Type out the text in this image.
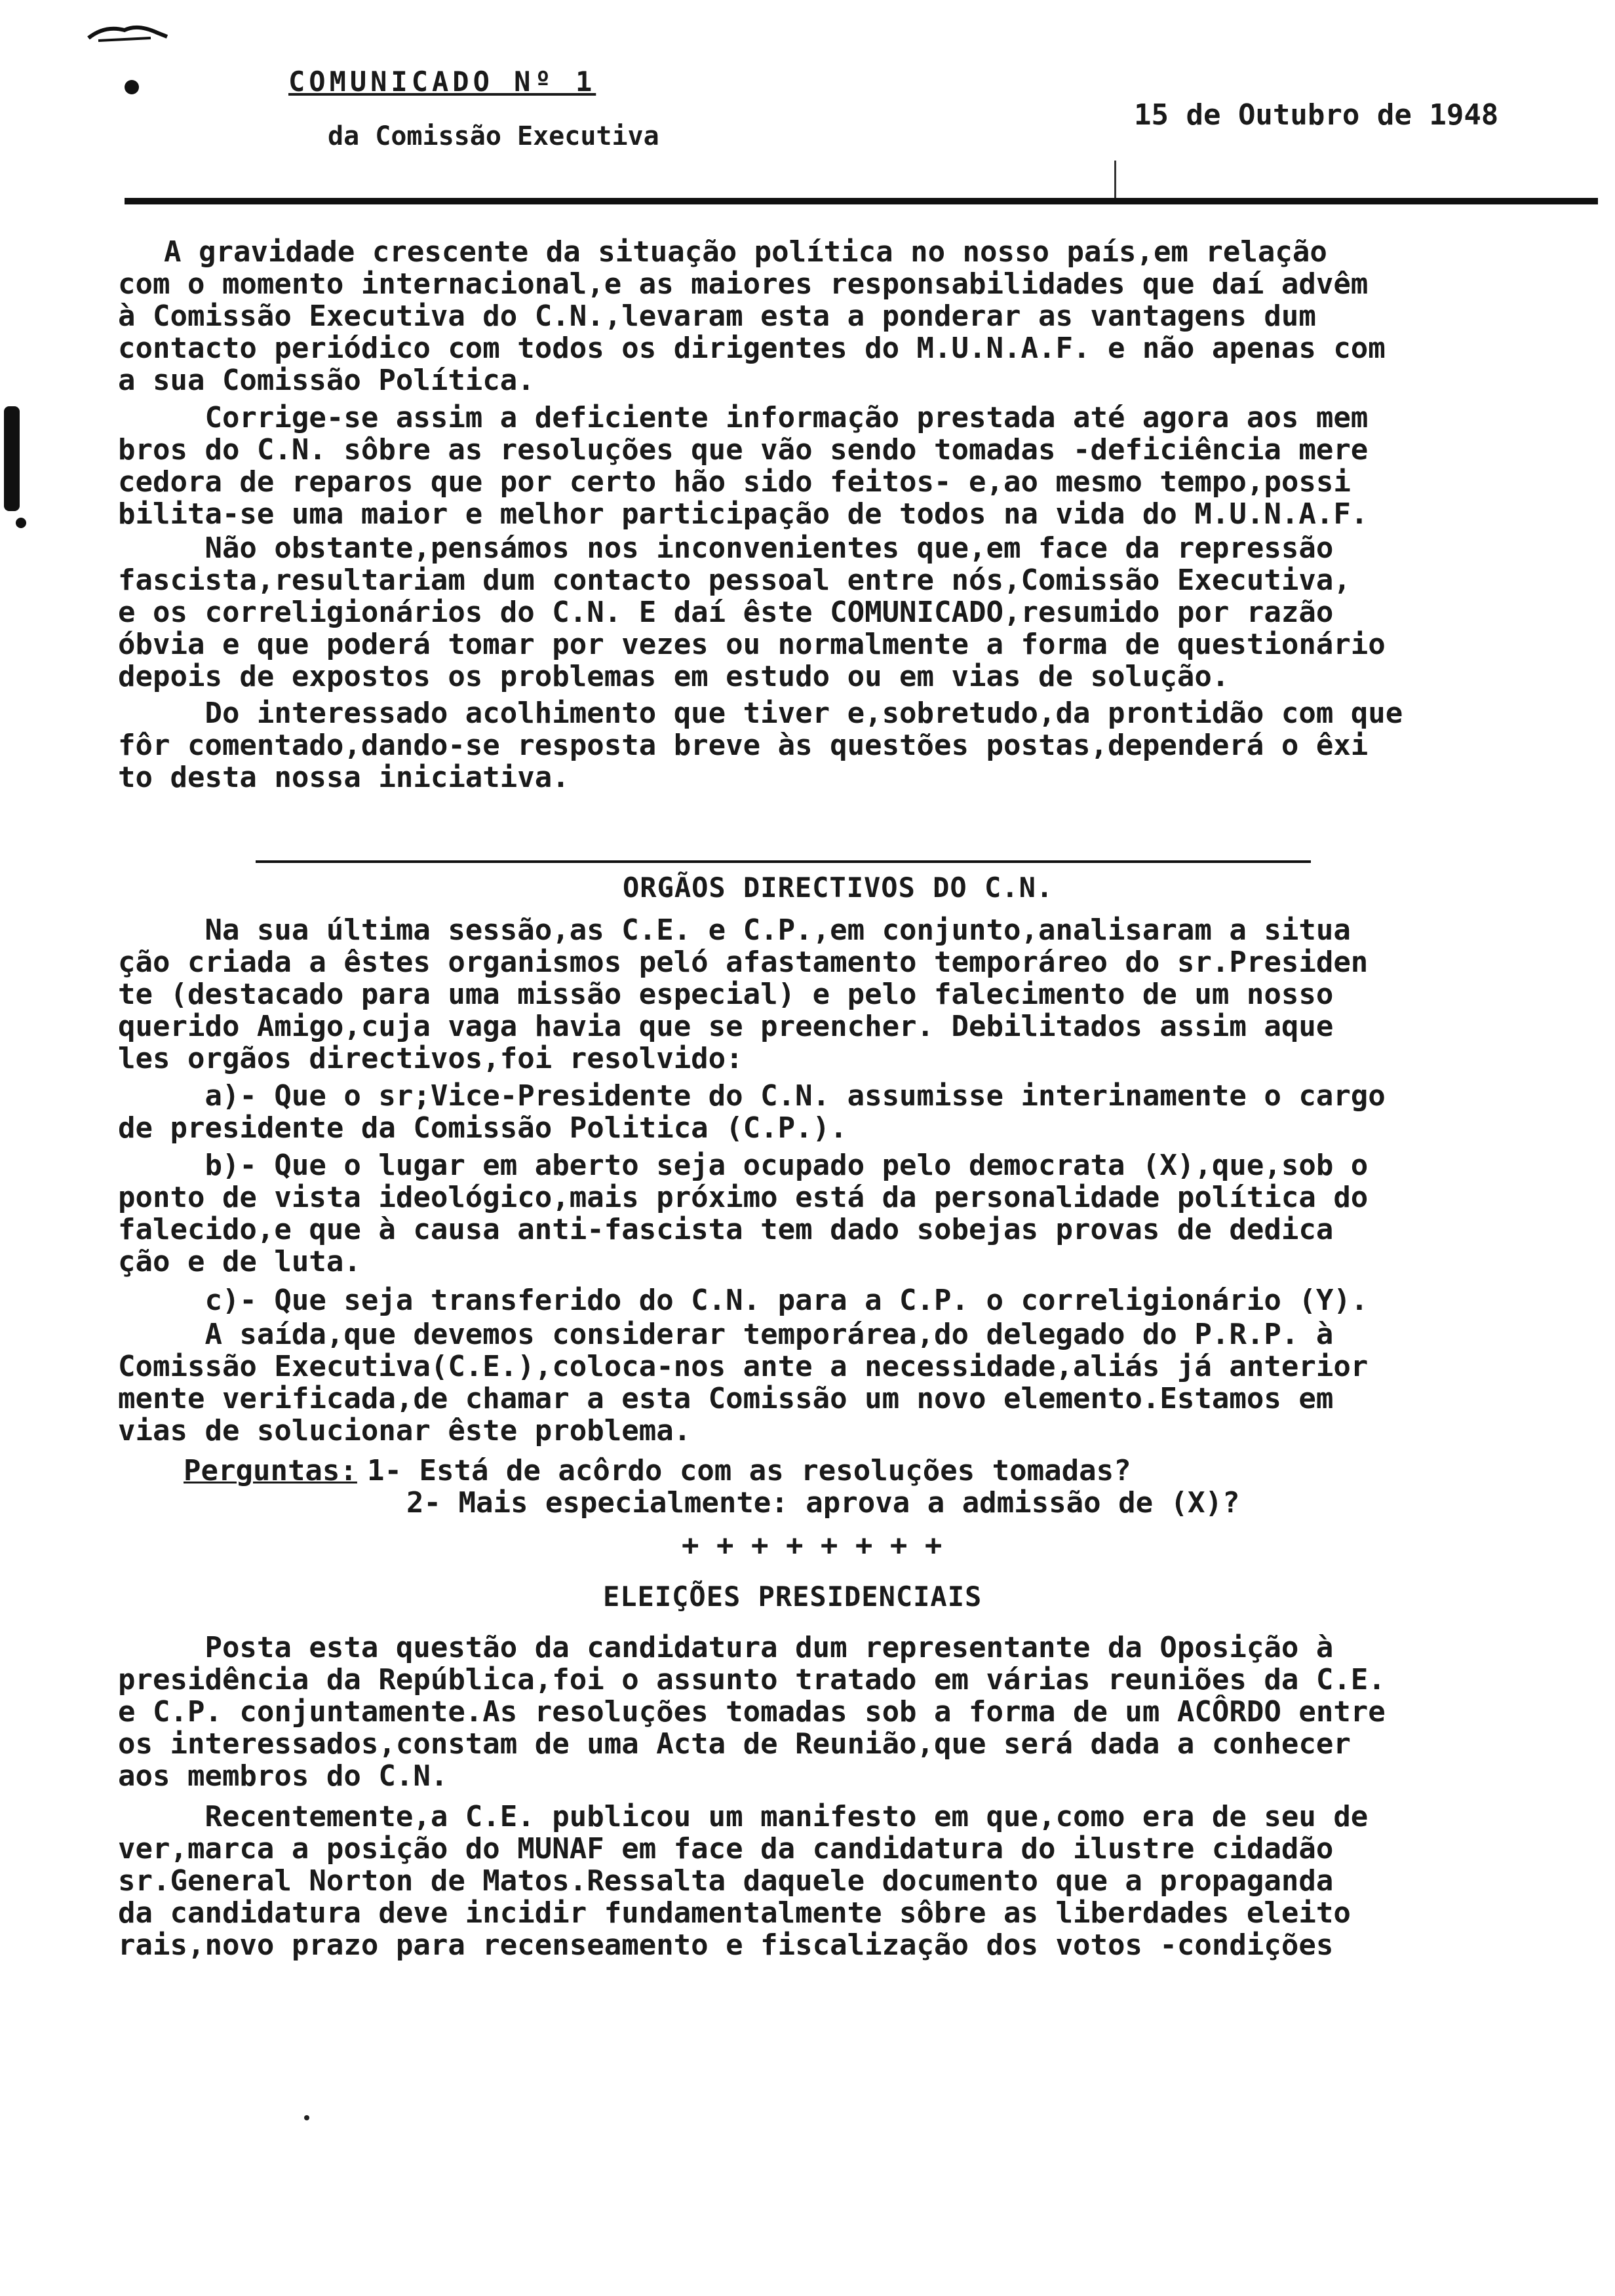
COMUNICADO Nº 1
da Comissão Executiva
15 de Outubro de 1948
A gravidade crescente da situação política no nosso país,em relação
com o momento internacional,e as maiores responsabilidades que daí advêm
à Comissão Executiva do C.N.,levaram esta a ponderar as vantagens dum
contacto periódico com todos os dirigentes do M.U.N.A.F. e não apenas com
a sua Comissão Política.
Corrige-se assim a deficiente informação prestada até agora aos mem
bros do C.N. sôbre as resoluções que vão sendo tomadas -deficiência mere
cedora de reparos que por certo hão sido feitos- e,ao mesmo tempo,possi
bilita-se uma maior e melhor participação de todos na vida do M.U.N.A.F.
Não obstante,pensámos nos inconvenientes que,em face da repressão
fascista,resultariam dum contacto pessoal entre nós,Comissão Executiva,
e os correligionários do C.N. E daí êste COMUNICADO,resumido por razão
óbvia e que poderá tomar por vezes ou normalmente a forma de questionário
depois de expostos os problemas em estudo ou em vias de solução.
Do interessado acolhimento que tiver e,sobretudo,da prontidão com que
fôr comentado,dando-se resposta breve às questões postas,dependerá o êxi
to desta nossa iniciativa.
ORGÃOS DIRECTIVOS DO C.N.
Na sua última sessão,as C.E. e C.P.,em conjunto,analisaram a situa
ção criada a êstes organismos peló afastamento temporáreo do sr.Presiden
te (destacado para uma missão especial) e pelo falecimento de um nosso
querido Amigo,cuja vaga havia que se preencher. Debilitados assim aque
les orgãos directivos,foi resolvido:
a)- Que o sr;Vice-Presidente do C.N. assumisse interinamente o cargo
de presidente da Comissão Politica (C.P.).
b)- Que o lugar em aberto seja ocupado pelo democrata (X),que,sob o
ponto de vista ideológico,mais próximo está da personalidade política do
falecido,e que à causa anti-fascista tem dado sobejas provas de dedica
ção e de luta.
c)- Que seja transferido do C.N. para a C.P. o correligionário (Y).
A saída,que devemos considerar temporárea,do delegado do P.R.P. à
Comissão Executiva(C.E.),coloca-nos ante a necessidade,aliás já anterior
mente verificada,de chamar a esta Comissão um novo elemento.Estamos em
vias de solucionar êste problema.
Perguntas: 1- Está de acôrdo com as resoluções tomadas?
2- Mais especialmente: aprova a admissão de (X)?
+ + + + + + + +
ELEIÇÕES PRESIDENCIAIS
Posta esta questão da candidatura dum representante da Oposição à
presidência da República,foi o assunto tratado em várias reuniões da C.E.
e C.P. conjuntamente.As resoluções tomadas sob a forma de um ACÔRDO entre
os interessados,constam de uma Acta de Reunião,que será dada a conhecer
aos membros do C.N.
Recentemente,a C.E. publicou um manifesto em que,como era de seu de
ver,marca a posição do MUNAF em face da candidatura do ilustre cidadão
sr.General Norton de Matos.Ressalta daquele documento que a propaganda
da candidatura deve incidir fundamentalmente sôbre as liberdades eleito
rais,novo prazo para recenseamento e fiscalização dos votos -condições
